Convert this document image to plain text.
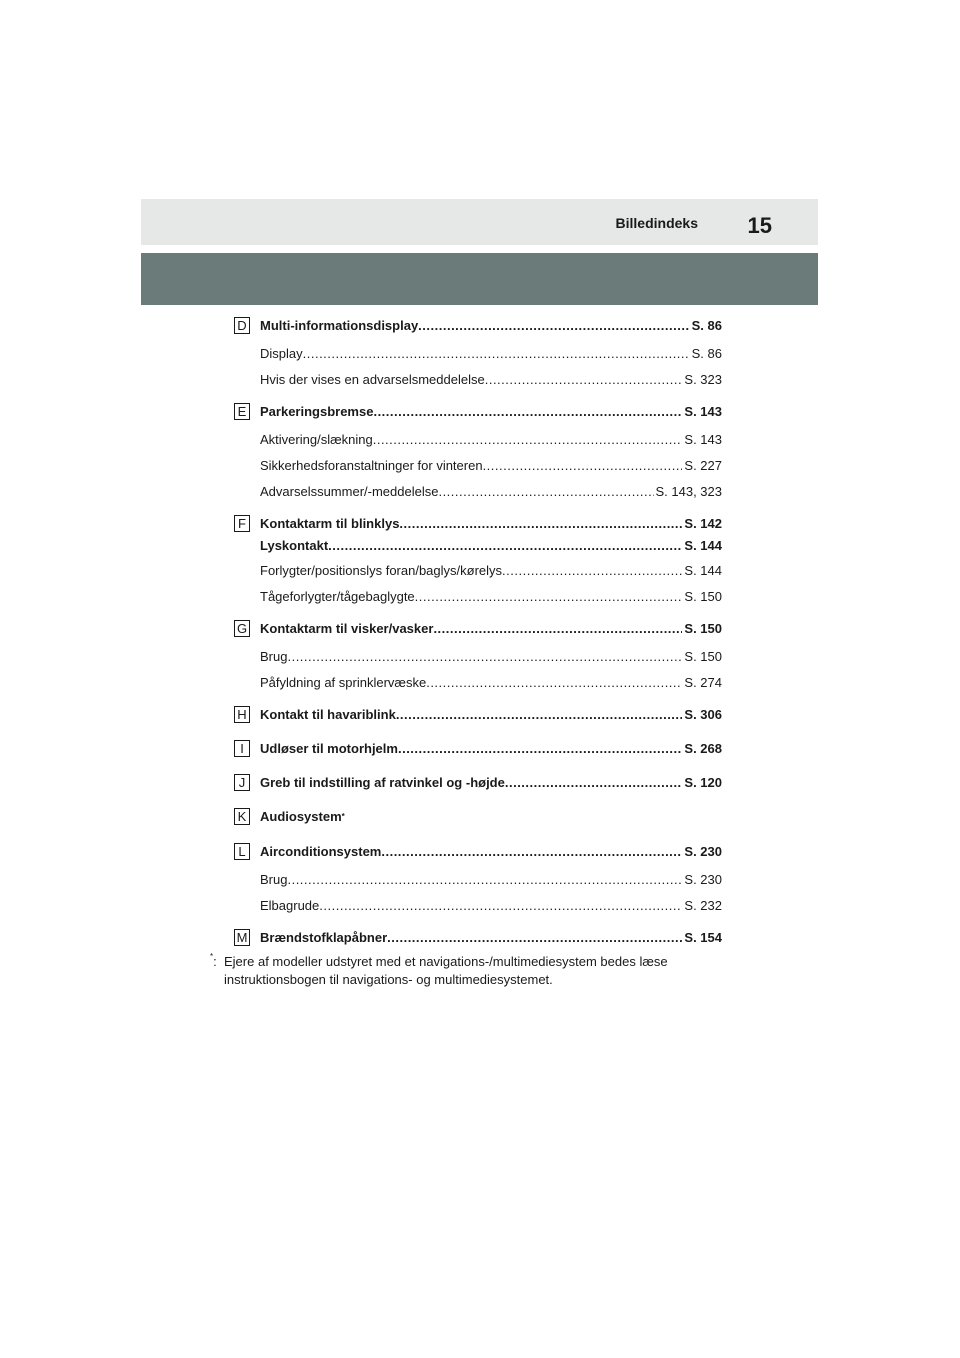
Billedindeks 15
D Multi-informationsdisplay .....	S. 86
Display .....	S. 86
Hvis der vises en advarselsmeddelelse .....	S. 323
E Parkeringsbremse .....	S. 143
Aktivering/slækning .....	S. 143
Sikkerhedsforanstaltninger for vinteren .....	S. 227
Advarselssummer/-meddelelse .....	S. 143, 323
F	Kontaktarm til blinklys .....	S. 142
Lyskontakt .....	S. 144
Forlygter/positionslys foran/baglys/kørelys .....	S. 144
Tågeforlygter/tågebaglygte .....	S. 150
G Kontaktarm til visker/vasker .....	S. 150
Brug .....	S. 150
Påfyldning af sprinklervæske .....	S. 274
H Kontakt til havariblink .....	S. 306
I	Udløser til motorhjelm .....	S. 268
J	Greb til indstilling af ratvinkel og -højde .....	S. 120
K Audiosystem*
L	Airconditionsystem .....	S. 230
Brug .....	S. 230
Elbagrude .....	S. 232
M Brændstofklapåbner .....	S. 154
*: Ejere af modeller udstyret med et navigations-/multimediesystem bedes læse instruktionsbogen til navigations- og multimediesystemet.
